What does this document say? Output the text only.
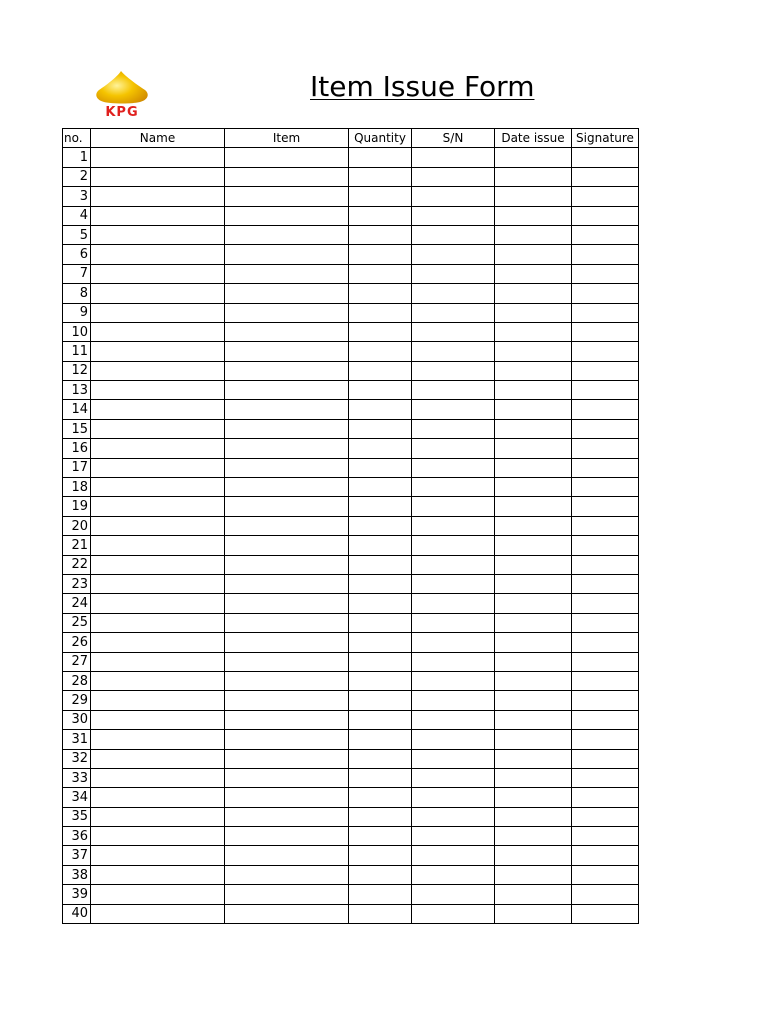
KPG
Item Issue Form
no.	Name	Item	Quantity	S/N	Date issue	Signature
1						
2						
3						
4						
5						
6						
7						
8						
9						
10						
11						
12						
13						
14						
15						
16						
17						
18						
19						
20						
21						
22						
23						
24						
25						
26						
27						
28						
29						
30						
31						
32						
33						
34						
35						
36						
37						
38						
39						
40						
